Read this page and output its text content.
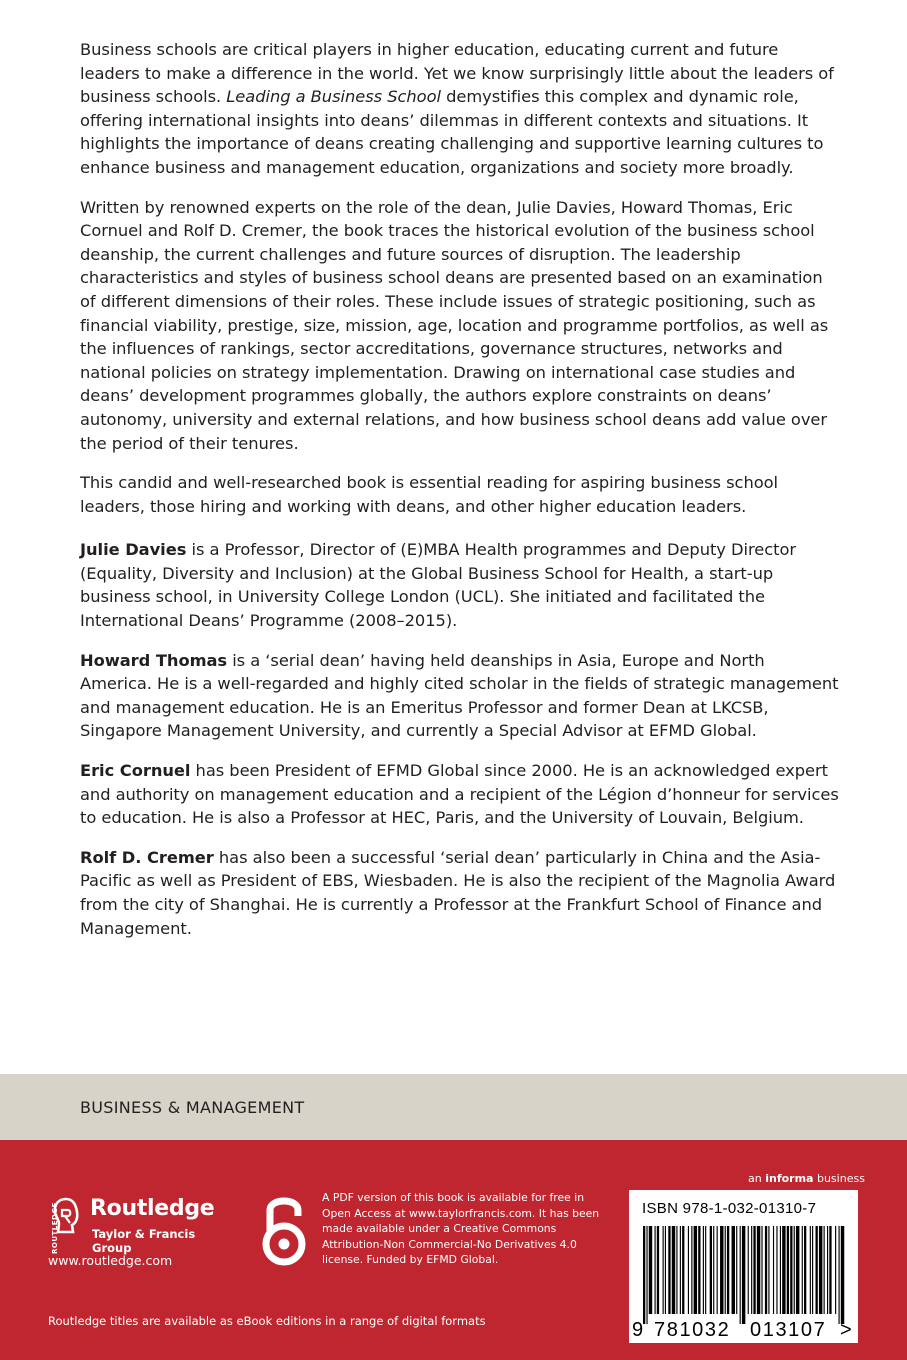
Business schools are critical players in higher education, educating current and future leaders to make a difference in the world. Yet we know surprisingly little about the leaders of business schools. Leading a Business School demystifies this complex and dynamic role, offering international insights into deans’ dilemmas in different contexts and situations. It highlights the importance of deans creating challenging and supportive learning cultures to enhance business and management education, organizations and society more broadly.

Written by renowned experts on the role of the dean, Julie Davies, Howard Thomas, Eric Cornuel and Rolf D. Cremer, the book traces the historical evolution of the business school deanship, the current challenges and future sources of disruption. The leadership characteristics and styles of business school deans are presented based on an examination of different dimensions of their roles. These include issues of strategic positioning, such as financial viability, prestige, size, mission, age, location and programme portfolios, as well as the influences of rankings, sector accreditations, governance structures, networks and national policies on strategy implementation. Drawing on international case studies and deans’ development programmes globally, the authors explore constraints on deans’ autonomy, university and external relations, and how business school deans add value over the period of their tenures.

This candid and well-researched book is essential reading for aspiring business school leaders, those hiring and working with deans, and other higher education leaders.

Julie Davies is a Professor, Director of (E)MBA Health programmes and Deputy Director (Equality, Diversity and Inclusion) at the Global Business School for Health, a start-up business school, in University College London (UCL). She initiated and facilitated the International Deans’ Programme (2008–2015).

Howard Thomas is a ‘serial dean’ having held deanships in Asia, Europe and North America. He is a well-regarded and highly cited scholar in the fields of strategic management and management education. He is an Emeritus Professor and former Dean at LKCSB, Singapore Management University, and currently a Special Advisor at EFMD Global.

Eric Cornuel has been President of EFMD Global since 2000. He is an acknowledged expert and authority on management education and a recipient of the Légion d’honneur for services to education. He is also a Professor at HEC, Paris, and the University of Louvain, Belgium.

Rolf D. Cremer has also been a successful ‘serial dean’ particularly in China and the Asia-Pacific as well as President of EBS, Wiesbaden. He is also the recipient of the Magnolia Award from the city of Shanghai. He is currently a Professor at the Frankfurt School of Finance and Management.

BUSINESS & MANAGEMENT
ROUTLEDGE Routledge
Taylor & Francis Group
www.routledge.com
A PDF version of this book is available for free in Open Access at www.taylorfrancis.com. It has been made available under a Creative Commons Attribution-Non Commercial-No Derivatives 4.0 license. Funded by EFMD Global.
an informa business
ISBN 978-1-032-01310-7
9 781032 013107 >
Routledge titles are available as eBook editions in a range of digital formats
